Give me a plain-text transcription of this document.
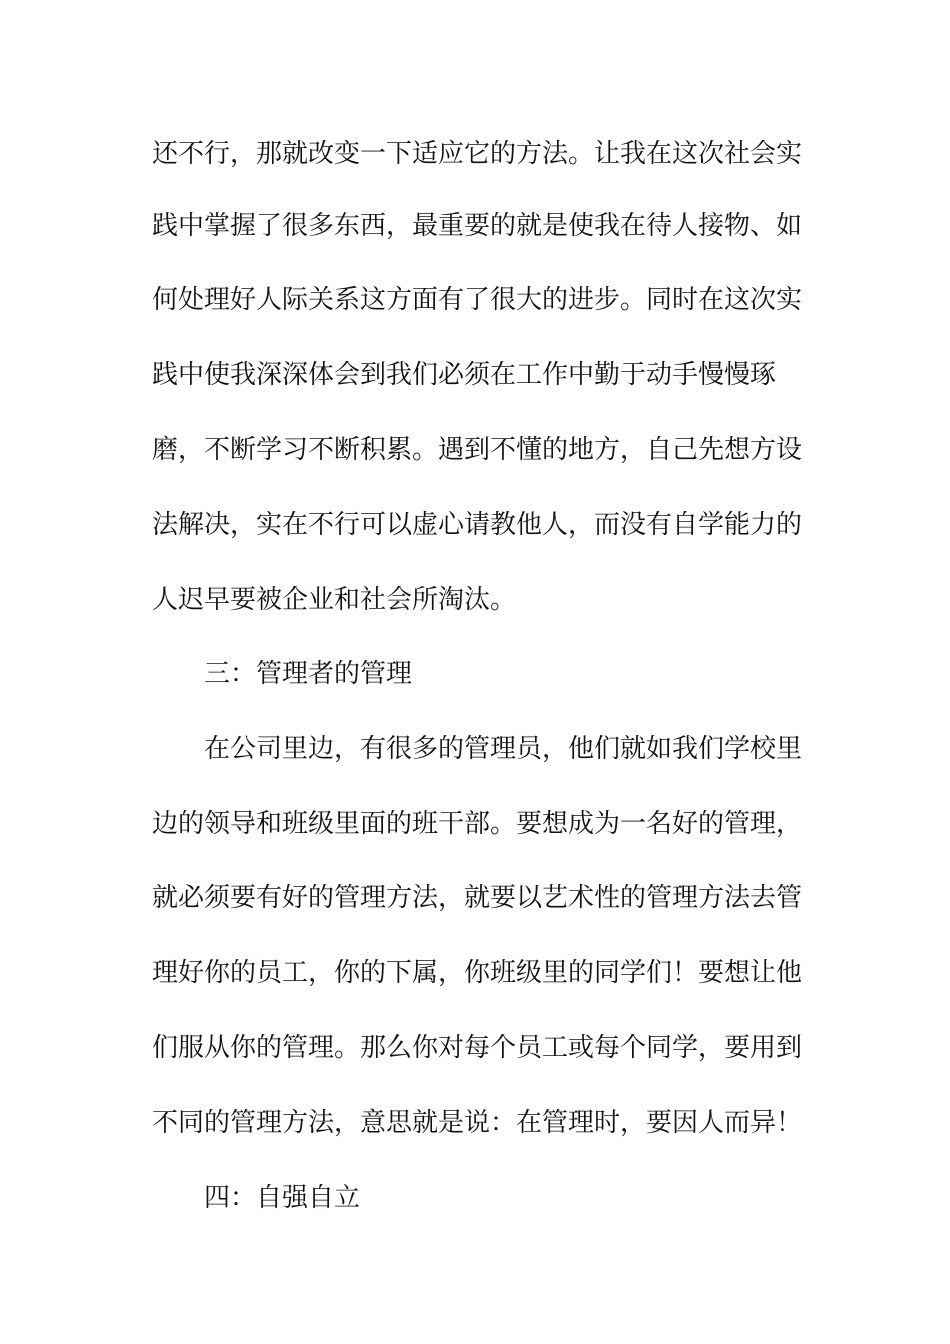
还不行，那就改变一下适应它的方法。让我在这次社会实
践中掌握了很多东西，最重要的就是使我在待人接物、如
何处理好人际关系这方面有了很大的进步。同时在这次实
践中使我深深体会到我们必须在工作中勤于动手慢慢琢
磨，不断学习不断积累。遇到不懂的地方，自己先想方设
法解决，实在不行可以虚心请教他人，而没有自学能力的
人迟早要被企业和社会所淘汰。
三：管理者的管理
在公司里边，有很多的管理员，他们就如我们学校里
边的领导和班级里面的班干部。要想成为一名好的管理，
就必须要有好的管理方法，就要以艺术性的管理方法去管
理好你的员工，你的下属，你班级里的同学们！要想让他
们服从你的管理。那么你对每个员工或每个同学，要用到
不同的管理方法，意思就是说：在管理时，要因人而异！
四：自强自立
